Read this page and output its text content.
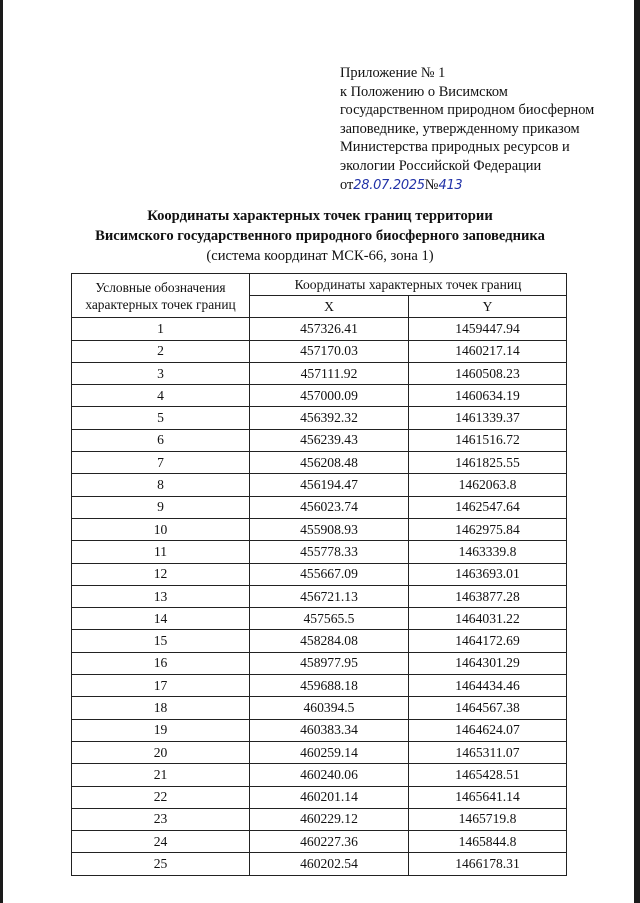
Приложение № 1
к Положению о Висимском
государственном природном биосферном
заповеднике, утвержденному приказом
Министерства природных ресурсов и
экологии Российской Федерации
от28.07.2025№413
Координаты характерных точек границ территории
Висимского государственного природного биосферного заповедника
(система координат МСК-66, зона 1)
Условные обозначения характерных точек границ	Координаты характерных точек границ	
	X	Y
1	457326.41	1459447.94
2	457170.03	1460217.14
3	457111.92	1460508.23
4	457000.09	1460634.19
5	456392.32	1461339.37
6	456239.43	1461516.72
7	456208.48	1461825.55
8	456194.47	1462063.8
9	456023.74	1462547.64
10	455908.93	1462975.84
11	455778.33	1463339.8
12	455667.09	1463693.01
13	456721.13	1463877.28
14	457565.5	1464031.22
15	458284.08	1464172.69
16	458977.95	1464301.29
17	459688.18	1464434.46
18	460394.5	1464567.38
19	460383.34	1464624.07
20	460259.14	1465311.07
21	460240.06	1465428.51
22	460201.14	1465641.14
23	460229.12	1465719.8
24	460227.36	1465844.8
25	460202.54	1466178.31
